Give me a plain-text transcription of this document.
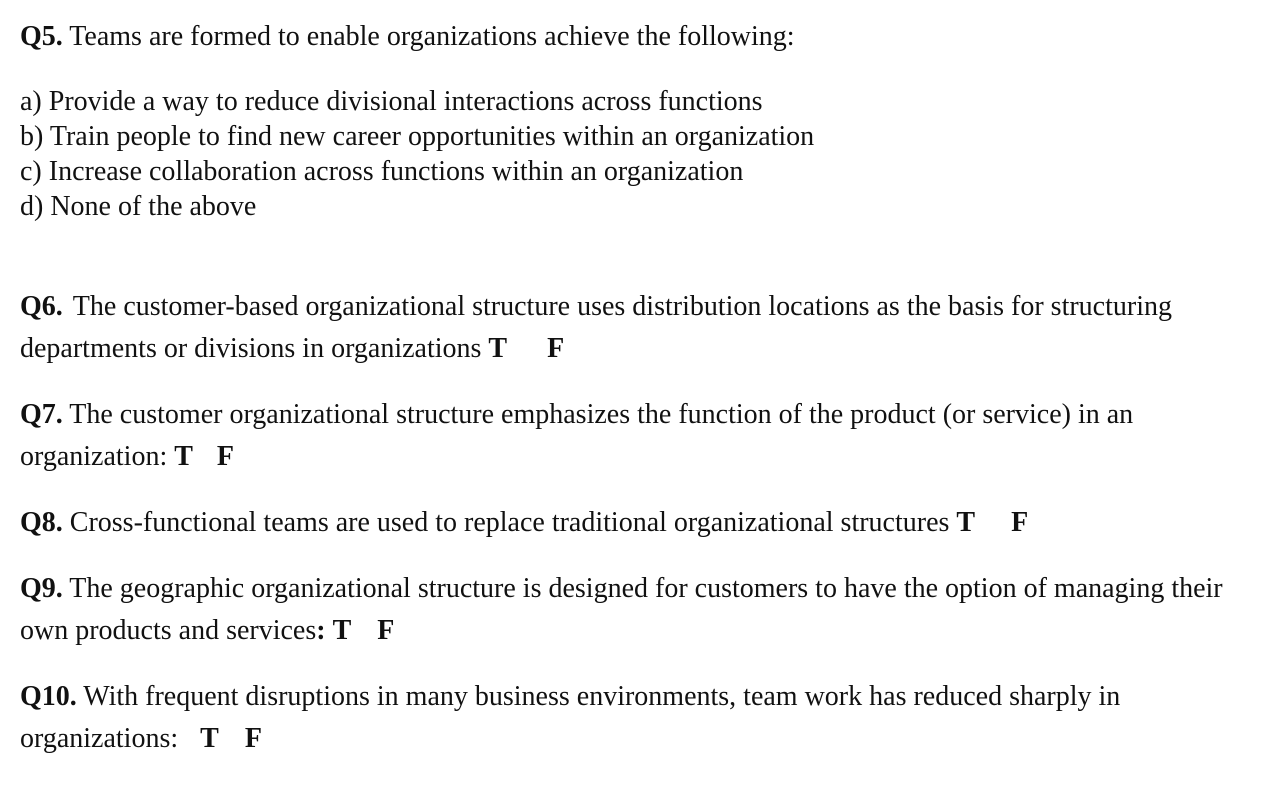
Q5. Teams are formed to enable organizations achieve the following:

a) Provide a way to reduce divisional interactions across functions
b) Train people to find new career opportunities within an organization
c) Increase collaboration across functions within an organization
d) None of the above

Q6. The customer-based organizational structure uses distribution locations as the basis for structuring departments or divisions in organizations T F

Q7. The customer organizational structure emphasizes the function of the product (or service) in an organization: T F

Q8. Cross-functional teams are used to replace traditional organizational structures T F

Q9. The geographic organizational structure is designed for customers to have the option of managing their own products and services: T F

Q10. With frequent disruptions in many business environments, team work has reduced sharply in organizations: T F
